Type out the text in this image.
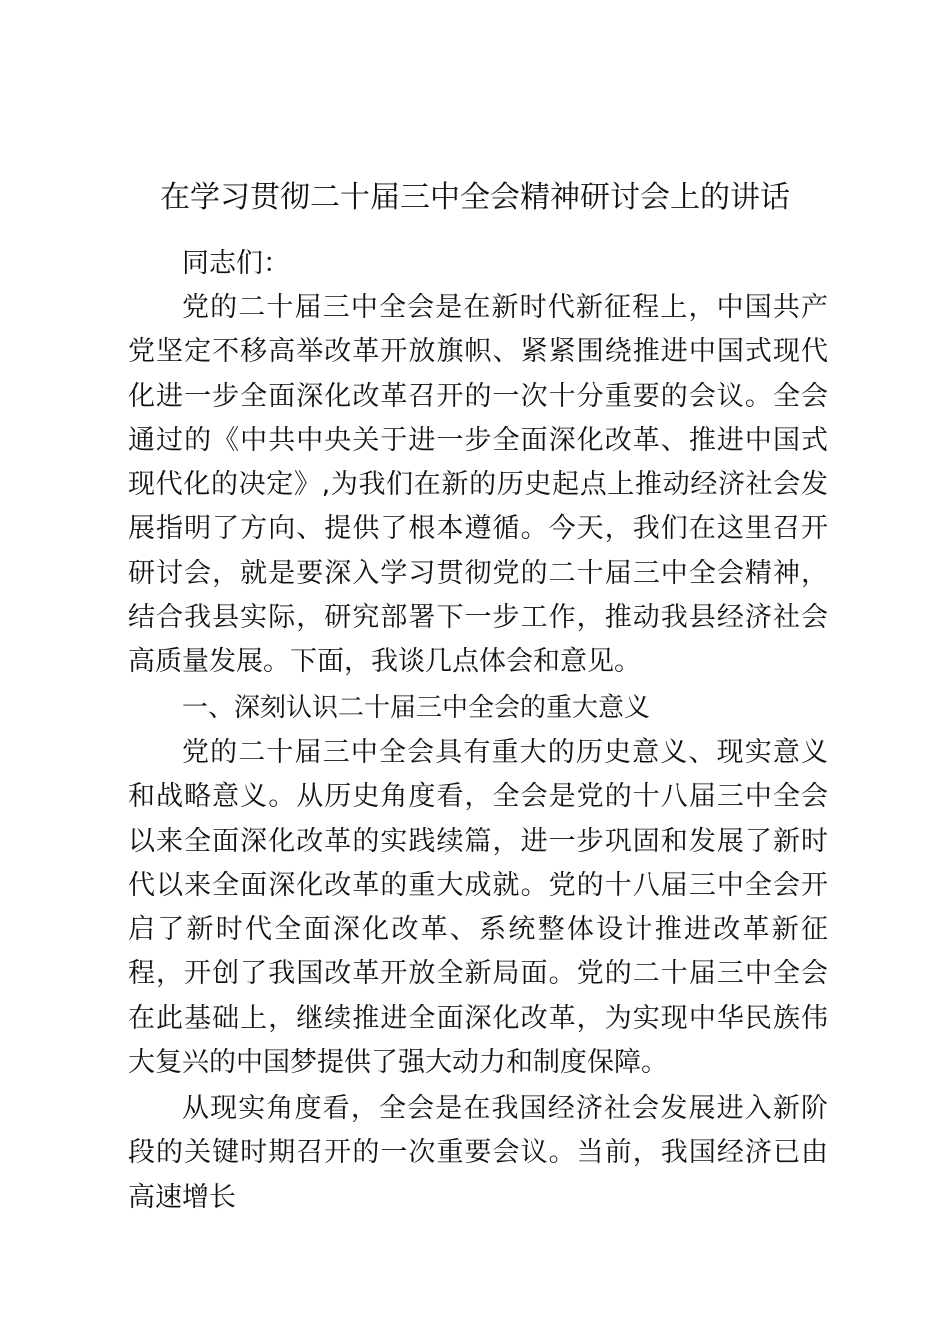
在学习贯彻二十届三中全会精神研讨会上的讲话
同志们：

党的二十届三中全会是在新时代新征程上，中国共产党坚定不移高举改革开放旗帜、紧紧围绕推进中国式现代化进一步全面深化改革召开的一次十分重要的会议。全会通过的《中共中央关于进一步全面深化改革、推进中国式现代化的决定》,为我们在新的历史起点上推动经济社会发展指明了方向、提供了根本遵循。今天，我们在这里召开研讨会，就是要深入学习贯彻党的二十届三中全会精神，结合我县实际，研究部署下一步工作，推动我县经济社会高质量发展。下面，我谈几点体会和意见。

一、深刻认识二十届三中全会的重大意义

党的二十届三中全会具有重大的历史意义、现实意义和战略意义。从历史角度看，全会是党的十八届三中全会以来全面深化改革的实践续篇，进一步巩固和发展了新时代以来全面深化改革的重大成就。党的十八届三中全会开启了新时代全面深化改革、系统整体设计推进改革新征程，开创了我国改革开放全新局面。党的二十届三中全会在此基础上，继续推进全面深化改革，为实现中华民族伟大复兴的中国梦提供了强大动力和制度保障。

从现实角度看，全会是在我国经济社会发展进入新阶段的关键时期召开的一次重要会议。当前，我国经济已由高速增长
